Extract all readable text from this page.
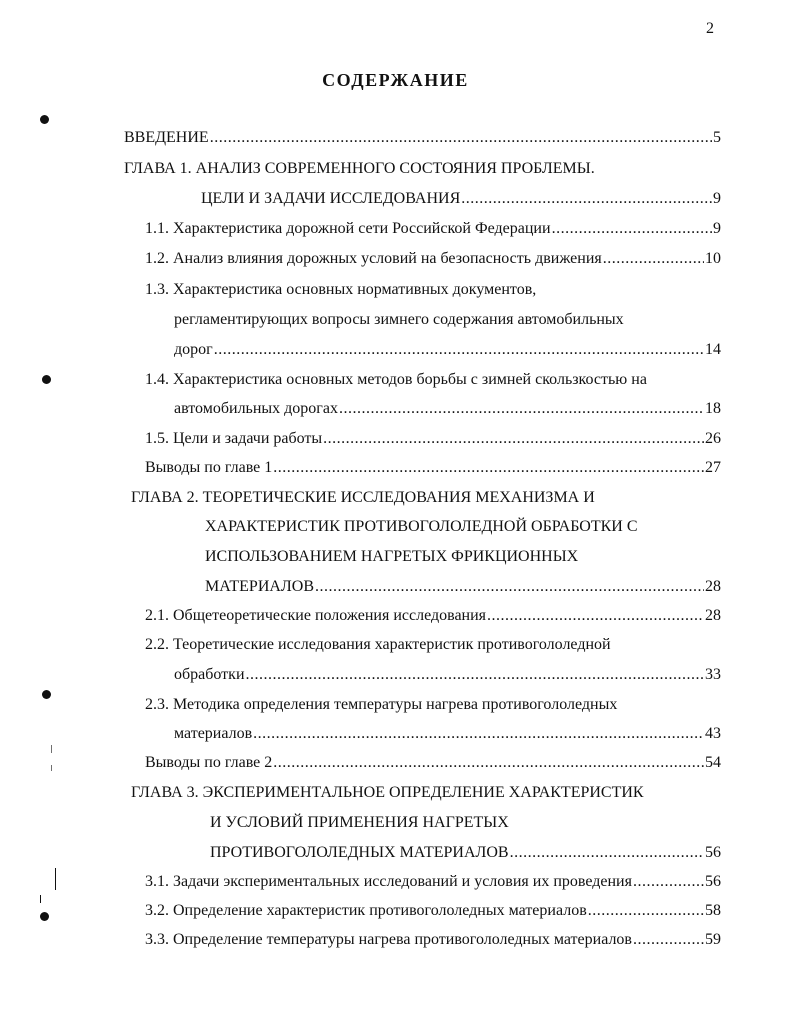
2
СОДЕРЖАНИЕ
ВВЕДЕНИЕ .....	5
ГЛАВА 1. АНАЛИЗ СОВРЕМЕННОГО СОСТОЯНИЯ ПРОБЛЕМЫ.
ЦЕЛИ И ЗАДАЧИ ИССЛЕДОВАНИЯ .....	9
1.1. Характеристика дорожной сети Российской Федерации .....	9
1.2. Анализ влияния дорожных условий на безопасность движения .....	10
1.3. Характеристика основных нормативных документов,
регламентирующих вопросы зимнего содержания автомобильных
дорог .....	14
1.4. Характеристика основных методов борьбы с зимней скользкостью на
автомобильных дорогах .....	18
1.5. Цели и задачи работы .....	26
Выводы по главе 1 .....	27
ГЛАВА 2. ТЕОРЕТИЧЕСКИЕ ИССЛЕДОВАНИЯ МЕХАНИЗМА И
ХАРАКТЕРИСТИК ПРОТИВОГОЛОЛЕДНОЙ ОБРАБОТКИ С
ИСПОЛЬЗОВАНИЕМ НАГРЕТЫХ ФРИКЦИОННЫХ
МАТЕРИАЛОВ .....	28
2.1. Общетеоретические положения исследования .....	28
2.2. Теоретические исследования характеристик противогололедной
обработки .....	33
2.3. Методика определения температуры нагрева противогололедных
материалов .....	43
Выводы по главе 2 .....	54
ГЛАВА 3. ЭКСПЕРИМЕНТАЛЬНОЕ ОПРЕДЕЛЕНИЕ ХАРАКТЕРИСТИК
И УСЛОВИЙ ПРИМЕНЕНИЯ НАГРЕТЫХ
ПРОТИВОГОЛОЛЕДНЫХ МАТЕРИАЛОВ .....	56
3.1. Задачи экспериментальных исследований и условия их проведения .....	56
3.2. Определение характеристик противогололедных материалов .....	58
3.3. Определение температуры нагрева противогололедных материалов .....	59
